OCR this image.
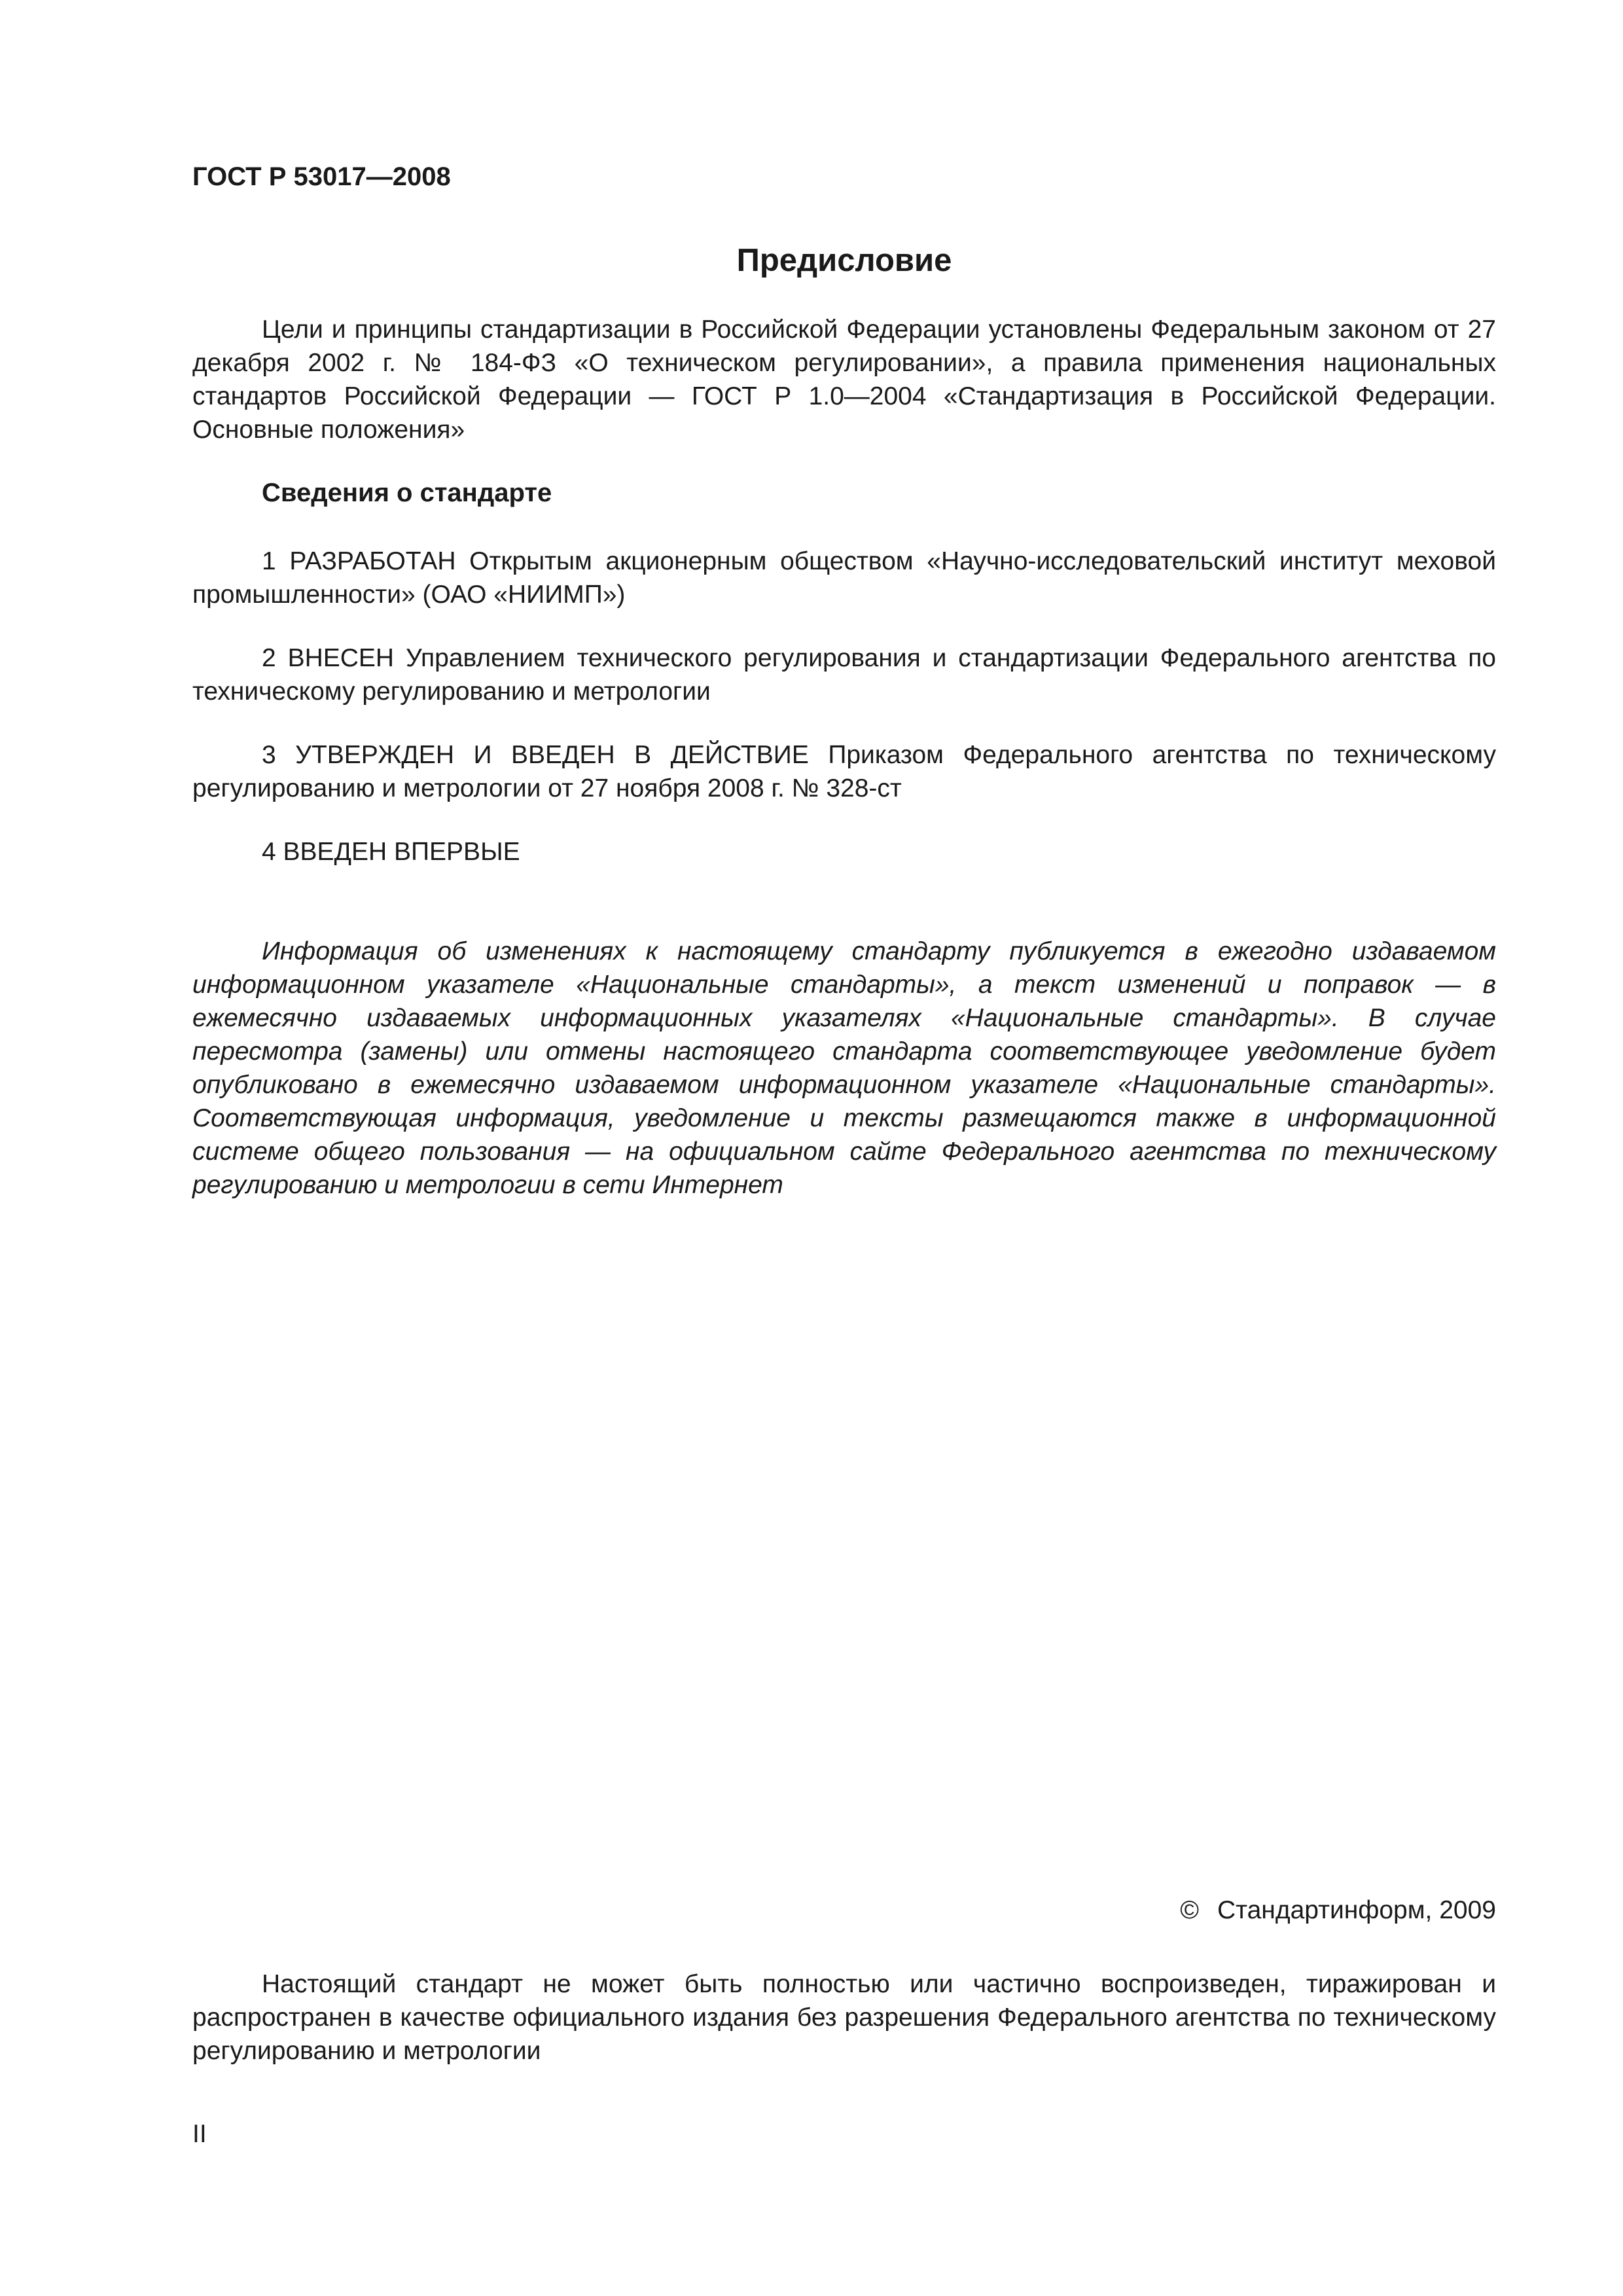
ГОСТ Р 53017—2008

Предисловие

Цели и принципы стандартизации в Российской Федерации установлены Федеральным законом от 27 декабря 2002 г. № 184-ФЗ «О техническом регулировании», а правила применения национальных стандартов Российской Федерации — ГОСТ Р 1.0—2004 «Стандартизация в Российской Федерации. Основные положения»

Сведения о стандарте

1 РАЗРАБОТАН Открытым акционерным обществом «Научно-исследовательский институт меховой промышленности» (ОАО «НИИМП»)

2 ВНЕСЕН Управлением технического регулирования и стандартизации Федерального агентства по техническому регулированию и метрологии

3 УТВЕРЖДЕН И ВВЕДЕН В ДЕЙСТВИЕ Приказом Федерального агентства по техническому регулированию и метрологии от 27 ноября 2008 г. № 328-ст

4 ВВЕДЕН ВПЕРВЫЕ

Информация об изменениях к настоящему стандарту публикуется в ежегодно издаваемом информационном указателе «Национальные стандарты», а текст изменений и поправок — в ежемесячно издаваемых информационных указателях «Национальные стандарты». В случае пересмотра (замены) или отмены настоящего стандарта соответствующее уведомление будет опубликовано в ежемесячно издаваемом информационном указателе «Национальные стандарты». Соответствующая информация, уведомление и тексты размещаются также в информационной системе общего пользования — на официальном сайте Федерального агентства по техническому регулированию и метрологии в сети Интернет

© Стандартинформ, 2009

Настоящий стандарт не может быть полностью или частично воспроизведен, тиражирован и распространен в качестве официального издания без разрешения Федерального агентства по техническому регулированию и метрологии

II
